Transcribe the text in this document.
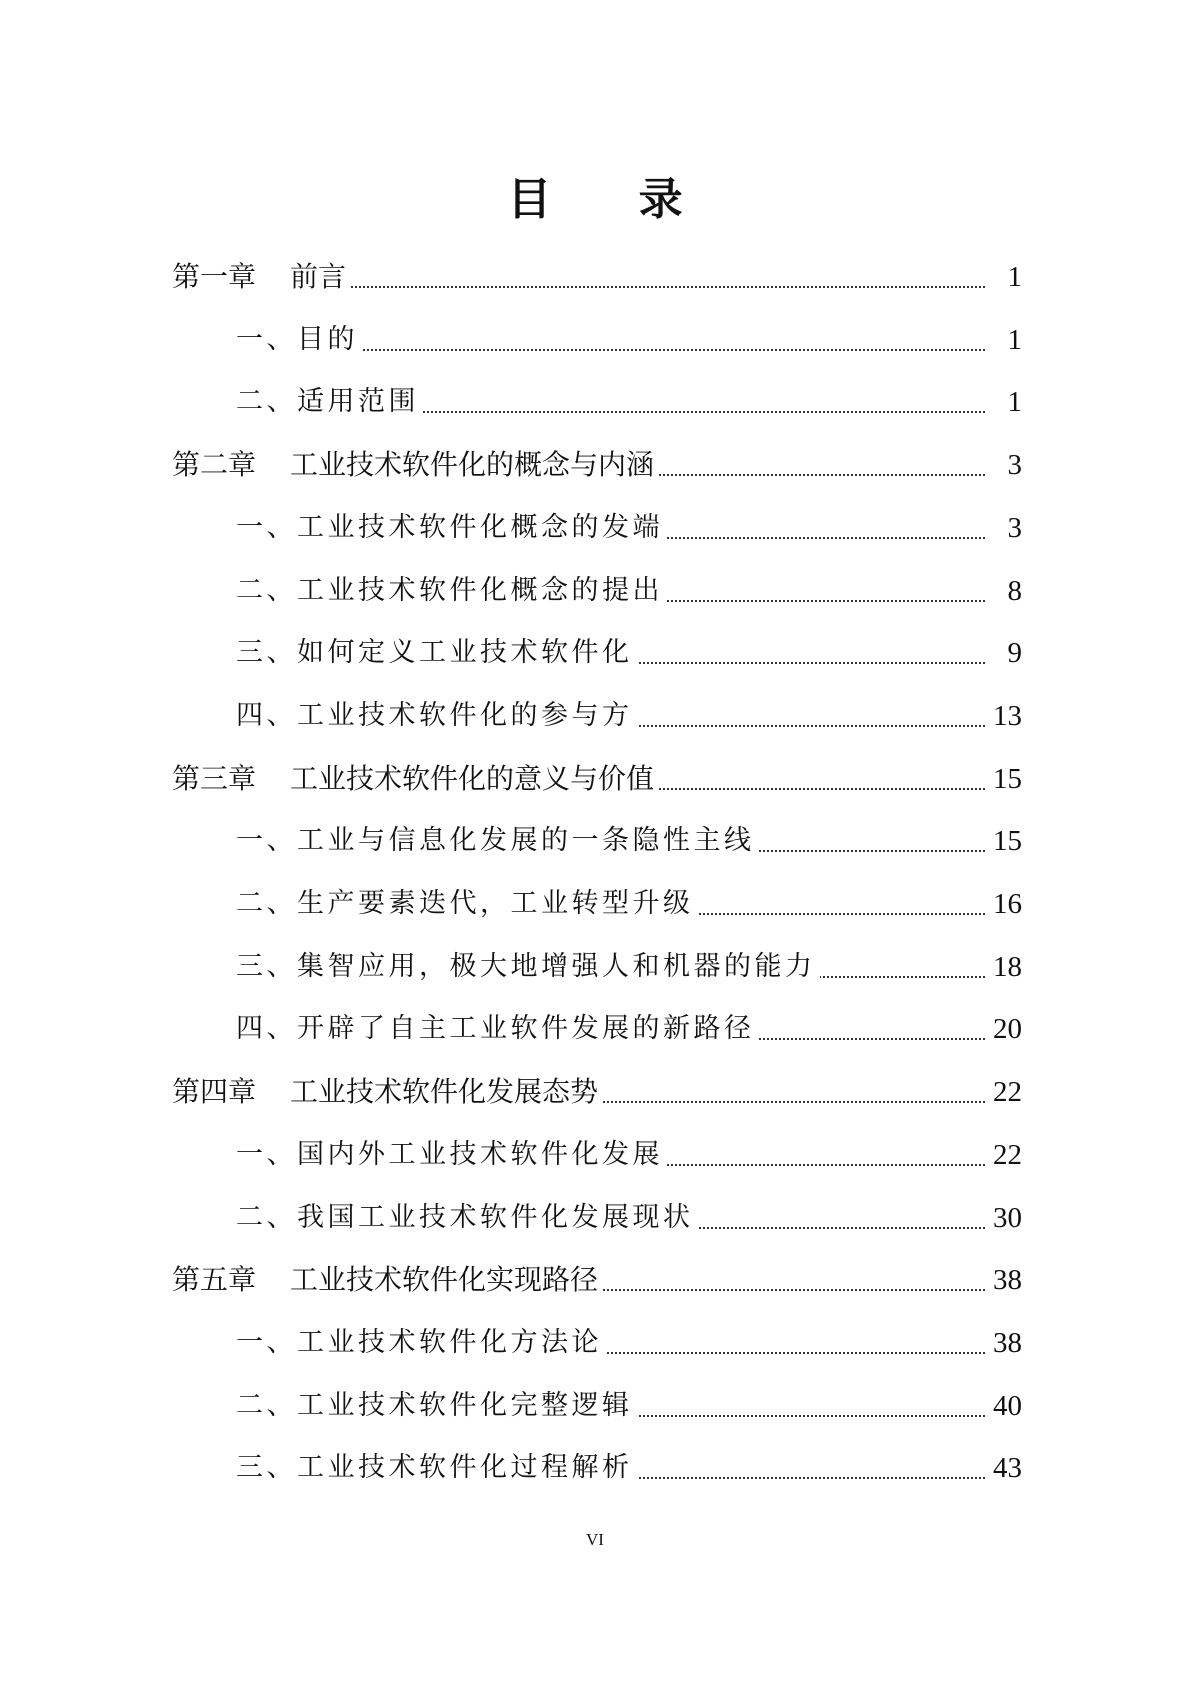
目 录
第一章 前言	1
一、目的	1
二、适用范围	1
第二章 工业技术软件化的概念与内涵	3
一、工业技术软件化概念的发端	3
二、工业技术软件化概念的提出	8
三、如何定义工业技术软件化	9
四、工业技术软件化的参与方	13
第三章 工业技术软件化的意义与价值	15
一、工业与信息化发展的一条隐性主线	15
二、生产要素迭代，工业转型升级	16
三、集智应用，极大地增强人和机器的能力	18
四、开辟了自主工业软件发展的新路径	20
第四章 工业技术软件化发展态势	22
一、国内外工业技术软件化发展	22
二、我国工业技术软件化发展现状	30
第五章 工业技术软件化实现路径	38
一、工业技术软件化方法论	38
二、工业技术软件化完整逻辑	40
三、工业技术软件化过程解析	43
VI
